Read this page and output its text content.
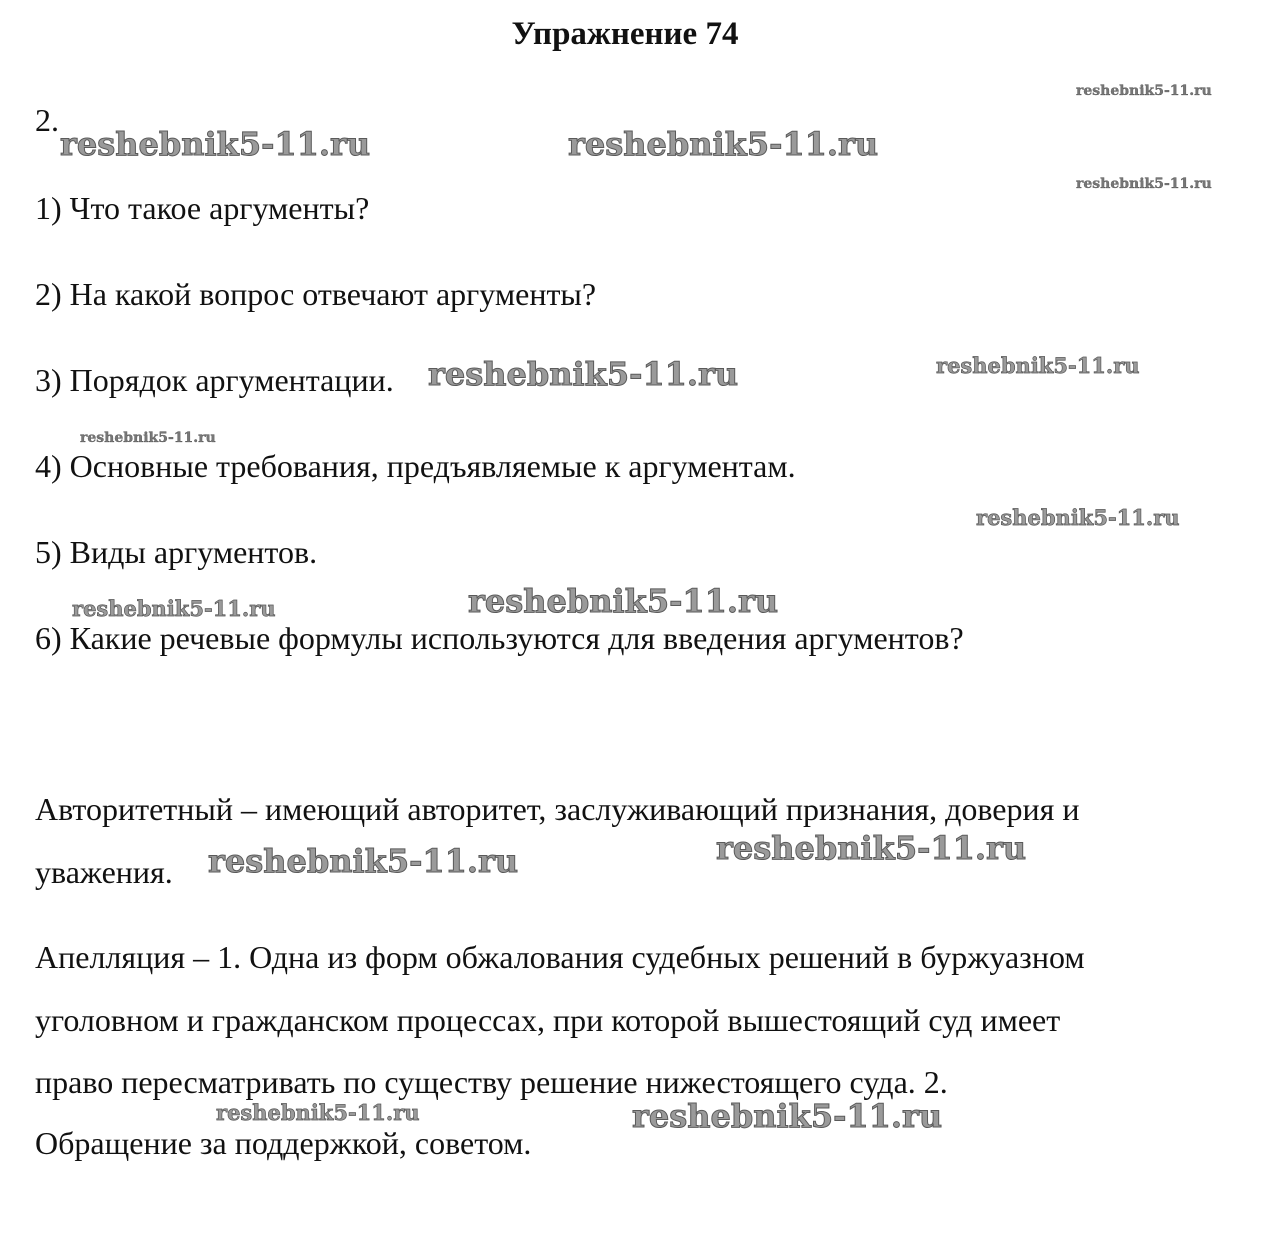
Упражнение 74
2.
1) Что такое аргументы?
2) На какой вопрос отвечают аргументы?
3) Порядок аргументации.
4) Основные требования, предъявляемые к аргументам.
5) Виды аргументов.
6) Какие речевые формулы используются для введения аргументов?
Авторитетный – имеющий авторитет, заслуживающий признания, доверия и
уважения.
Апелляция – 1. Одна из форм обжалования судебных решений в буржуазном
уголовном и гражданском процессах, при которой вышестоящий суд имеет
право пересматривать по существу решение нижестоящего суда. 2.
Обращение за поддержкой, советом.
reshebnik5-11.ru
reshebnik5-11.ru	reshebnik5-11.ru
reshebnik5-11.ru
reshebnik5-11.ru	reshebnik5-11.ru
reshebnik5-11.ru
reshebnik5-11.ru
reshebnik5-11.ru	reshebnik5-11.ru
reshebnik5-11.ru
reshebnik5-11.ru
reshebnik5-11.ru	reshebnik5-11.ru
